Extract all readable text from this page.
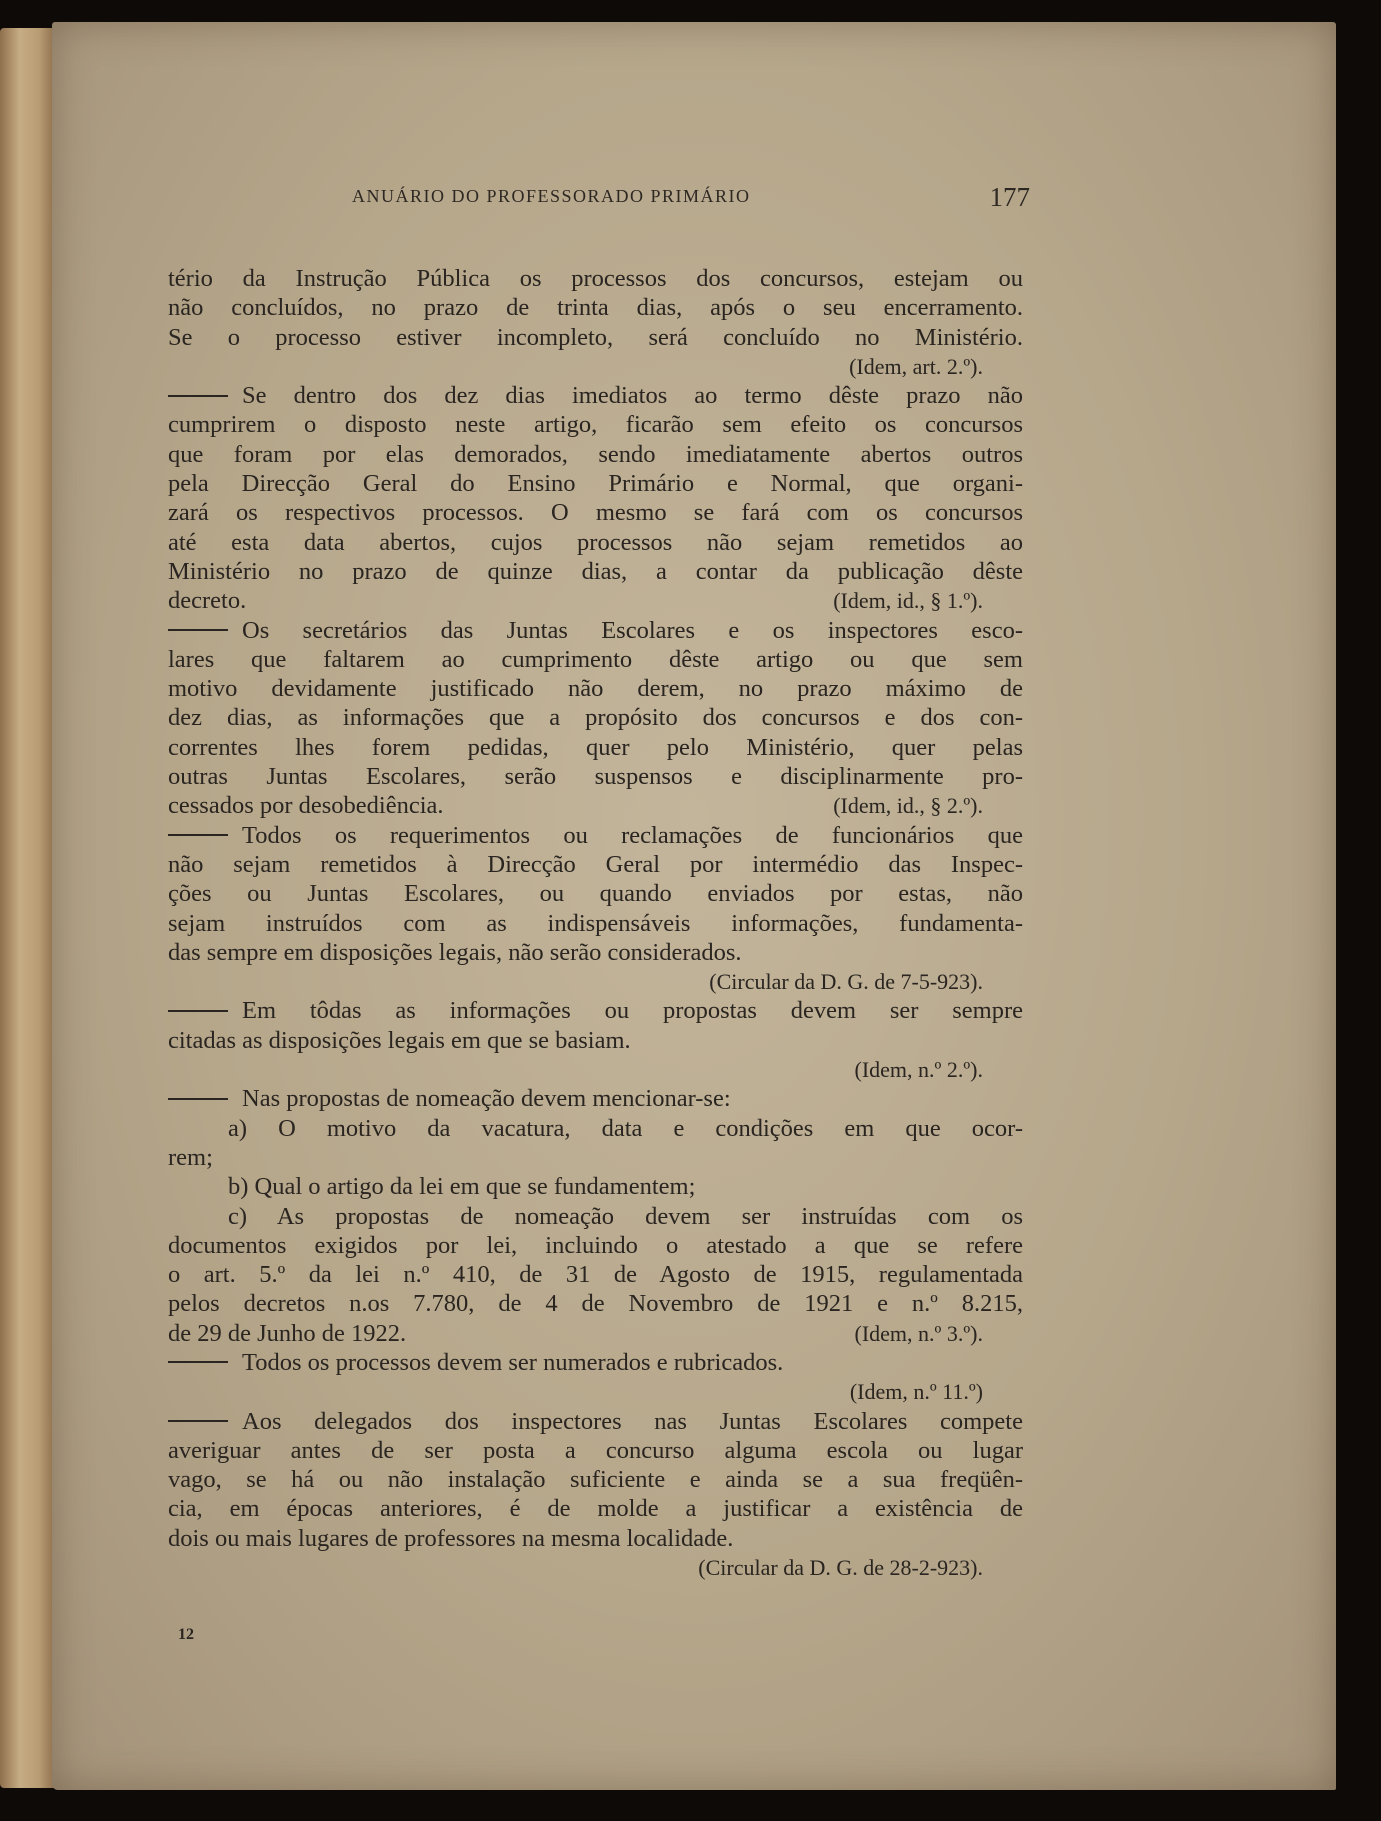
ANUÁRIO DO PROFESSORADO PRIMÁRIO	177
tério da Instrução Pública os processos dos concursos, estejam ou
não concluídos, no prazo de trinta dias, após o seu encerramento.
Se o processo estiver incompleto, será concluído no Ministério.
(Idem, art. 2.º).
Se dentro dos dez dias imediatos ao termo dêste prazo não
cumprirem o disposto neste artigo, ficarão sem efeito os concursos
que foram por elas demorados, sendo imediatamente abertos outros
pela Direcção Geral do Ensino Primário e Normal, que organi-
zará os respectivos processos. O mesmo se fará com os concursos
até esta data abertos, cujos processos não sejam remetidos ao
Ministério no prazo de quinze dias, a contar da publicação dêste
decreto.	(Idem, id., § 1.º).
Os secretários das Juntas Escolares e os inspectores esco-
lares que faltarem ao cumprimento dêste artigo ou que sem
motivo devidamente justificado não derem, no prazo máximo de
dez dias, as informações que a propósito dos concursos e dos con-
correntes lhes forem pedidas, quer pelo Ministério, quer pelas
outras Juntas Escolares, serão suspensos e disciplinarmente pro-
cessados por desobediência.	(Idem, id., § 2.º).
Todos os requerimentos ou reclamações de funcionários que
não sejam remetidos à Direcção Geral por intermédio das Inspec-
ções ou Juntas Escolares, ou quando enviados por estas, não
sejam instruídos com as indispensáveis informações, fundamenta-
das sempre em disposições legais, não serão considerados.
(Circular da D. G. de 7-5-923).
Em tôdas as informações ou propostas devem ser sempre
citadas as disposições legais em que se basiam.
(Idem, n.º 2.º).
Nas propostas de nomeação devem mencionar-se:
a) O motivo da vacatura, data e condições em que ocor-
rem;
b) Qual o artigo da lei em que se fundamentem;
c) As propostas de nomeação devem ser instruídas com os
documentos exigidos por lei, incluindo o atestado a que se refere
o art. 5.º da lei n.º 410, de 31 de Agosto de 1915, regulamentada
pelos decretos n.os 7.780, de 4 de Novembro de 1921 e n.º 8.215,
de 29 de Junho de 1922.	(Idem, n.º 3.º).
Todos os processos devem ser numerados e rubricados.
(Idem, n.º 11.º)
Aos delegados dos inspectores nas Juntas Escolares compete
averiguar antes de ser posta a concurso alguma escola ou lugar
vago, se há ou não instalação suficiente e ainda se a sua freqüên-
cia, em épocas anteriores, é de molde a justificar a existência de
dois ou mais lugares de professores na mesma localidade.
(Circular da D. G. de 28-2-923).
12
